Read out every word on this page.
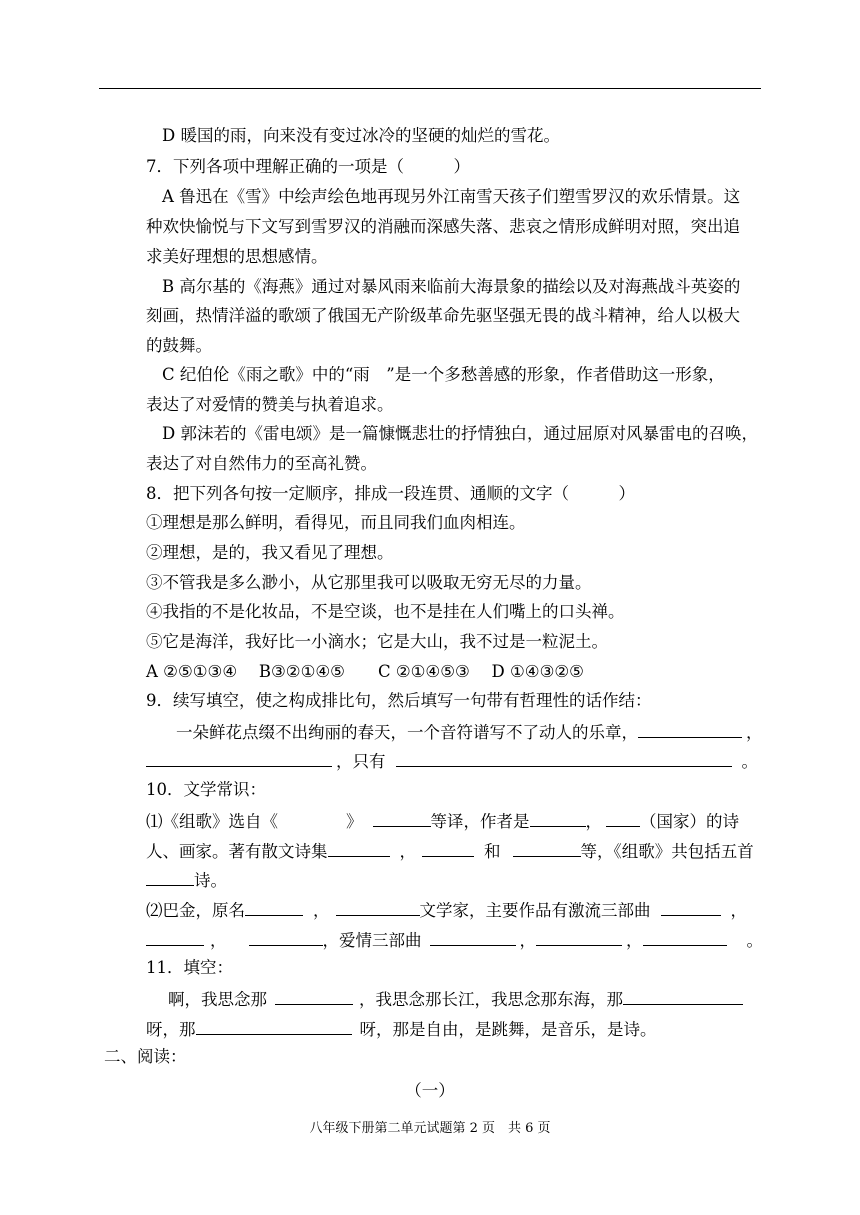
D 暖国的雨，向来没有变过冰冷的坚硬的灿烂的雪花。
7．下列各项中理解正确的一项是（　　　）
A 鲁迅在《雪》中绘声绘色地再现另外江南雪天孩子们塑雪罗汉的欢乐情景。这
种欢快愉悦与下文写到雪罗汉的消融而深感失落、悲哀之情形成鲜明对照，突出追
求美好理想的思想感情。
B 高尔基的《海燕》通过对暴风雨来临前大海景象的描绘以及对海燕战斗英姿的
刻画，热情洋溢的歌颂了俄国无产阶级革命先驱坚强无畏的战斗精神，给人以极大
的鼓舞。
C 纪伯伦《雨之歌》中的“雨　”是一个多愁善感的形象，作者借助这一形象，
表达了对爱情的赞美与执着追求。
D 郭沫若的《雷电颂》是一篇慷慨悲壮的抒情独白，通过屈原对风暴雷电的召唤，
表达了对自然伟力的至高礼赞。
8．把下列各句按一定顺序，排成一段连贯、通顺的文字（　　　）
①理想是那么鲜明，看得见，而且同我们血肉相连。
②理想，是的，我又看见了理想。
③不管我是多么渺小，从它那里我可以吸取无穷无尽的力量。
④我指的不是化妆品，不是空谈，也不是挂在人们嘴上的口头禅。
⑤它是海洋，我好比一小滴水；它是大山，我不过是一粒泥土。
A ②⑤①③④　 B③②①④⑤　　C ②①④⑤③　 D ①④③②⑤
9．续写填空，使之构成排比句，然后填写一句带有哲理性的话作结：
一朵鲜花点缀不出绚丽的春天，一个音符谱写不了动人的乐章，	，
，只有	。
10．文学常识：
⑴《组歌》选自《	》	等译，作者是	， （国家）的诗
人、画家。著有散文诗集	，	和	等，《组歌》共包括五首
诗。
⑵巴金，原名	，	文学家，主要作品有激流三部曲	，
，	，爱情三部曲	，	，	。
11．填空：
啊，我思念那	，我思念那长江，我思念那东海，那
呀，那	呀，那是自由，是跳舞，是音乐，是诗。
二、阅读：
（一）
八年级下册第二单元试题第 2 页　共 6 页
